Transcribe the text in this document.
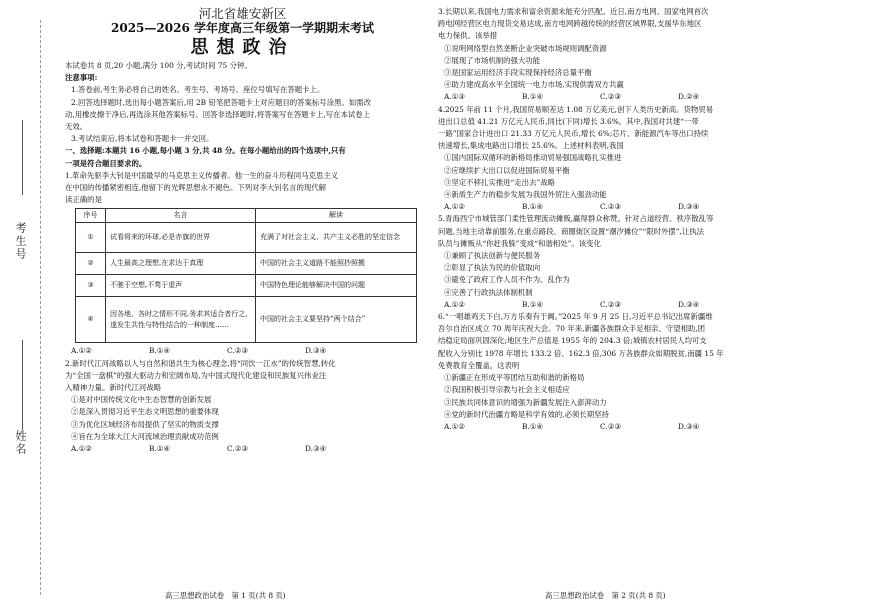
考生号
姓名
河北省雄安新区
2025—2026 学年度高三年级第一学期期末考试
思想政治
本试卷共 8 页,20 小题,满分 100 分,考试时间 75 分钟。
注意事项:
1.答卷前,考生务必将自己的姓名、考生号、考场号、座位号填写在答题卡上。
2.回答选择题时,选出每小题答案后,用 2B 铅笔把答题卡上对应题目的答案标号涂黑。如需改
动,用橡皮擦干净后,再选涂其他答案标号。回答非选择题时,将答案写在答题卡上,写在本试卷上
无效。
3.考试结束后,将本试卷和答题卡一并交回。
一、选择题:本题共 16 小题,每小题 3 分,共 48 分。在每小题给出的四个选项中,只有
一项是符合题目要求的。
1.革命先驱李大钊是中国最早的马克思主义传播者。他一生的奋斗历程同马克思主义
在中国的传播紧密相连,他留下的光辉思想永不褪色。下列对李大钊名言的现代解
读正确的是
序号	名言	解读
①	试看将来的环球,必是赤旗的世界	充满了对社会主义、共产主义必胜的坚定信念
②	人生最高之理想,在求达于真理	中国的社会主义道路不能照抄照搬
③	不驰于空想,不骛于虚声	中国特色理论能够解决中国的问题
④	因各地、各时之情形不同,务求其适合者行之,遂发生共性与特性结合的一种制度……	中国的社会主义要坚持“两个结合”
A.①②	B.①④	C.②③	D.③④
2.新时代江河战略以人与自然和谐共生为核心理念,将“同饮一江水”的传统智慧,转化
为“全国一盘棋”的强大驱动力和宏阔布局,为中国式现代化建设和民族复兴伟业注
入精神力量。新时代江河战略
①是对中国传统文化中生态智慧的创新发展
②是深入贯彻习近平生态文明思想的重要体现
③为优化区域经济布局提供了坚实的物质支撑
④旨在为全球大江大河流域治理贡献成功范例
A.①②	B.①④	C.②③	D.③④
3.长期以来,我国电力需求和富余资源未能充分匹配。近日,南方电网、国家电网首次
跨电网经营区电力现货交易达成,南方电网跨越传统的经营区域界限,支援华东地区
电力保供。该举措
①说明网络型自然垄断企业突破市场规则调配资源
②展现了市场机制的强大功能
③是国家运用经济手段实现保持经济总量平衡
④助力建成高水平全国统一电力市场,实现供需双方共赢
A.①③	B.①④	C.②③	D.②④
4.2025 年前 11 个月,我国贸易顺差达 1.08 万亿美元,创下人类历史新高。货物贸易
进出口总值 41.21 万亿元人民币,同比(下同)增长 3.6%。其中,我国对共建“一带
一路”国家合计进出口 21.33 万亿元人民币,增长 6%;芯片、新能源汽车等出口持续
快速增长,集成电路出口增长 25.6%。上述材料表明,我国
①国内国际双循环的新格局推动贸易强国战略扎实推进
②应继续扩大出口以促进国际贸易平衡
③坚定不移扎实推进“走出去”战略
④新质生产力的稳步发展为我国外贸注入强劲动能
A.①②	B.①④	C.②③	D.③④
5.青海西宁市城管部门柔性管理流动摊贩,赢得群众称赞。针对占道经营、秩序散乱等
问题,当地主动靠前服务,在重点路段、商圈街区设置“潮汐摊位”“限时外摆”,让执法
队员与摊贩从“你赶我躲”变成“和谐相处”。该变化
①兼顾了执法创新与便民服务
②彰显了执法为民的价值取向
③避免了政府工作人员不作为、乱作为
④完善了行政执法体制机制
A.①②	B.①④	C.②③	D.③④
6.“一唱雄鸡天下白,万方乐奏有于阗。”2025 年 9 月 25 日,习近平总书记出席新疆维
吾尔自治区成立 70 周年庆祝大会。70 年来,新疆各族群众手足相亲、守望相助,团
结稳定局面巩固深化;地区生产总值是 1955 年的 204.3 倍;城镇农村居民人均可支
配收入分别比 1978 年增长 133.2 倍、162.3 倍,306 万各族群众如期脱贫,南疆 15 年
免费教育全覆盖。这表明
①新疆正在形成平等团结互助和谐的新格局
②我国积极引导宗教与社会主义相适应
③民族共同体意识的增强为新疆发展注入澎湃动力
④党的新时代治疆方略是科学有效的,必须长期坚持
A.①②	B.①④	C.②③	D.③④
高三思想政治试卷　第 1 页(共 8 页)	高三思想政治试卷　第 2 页(共 8 页)
